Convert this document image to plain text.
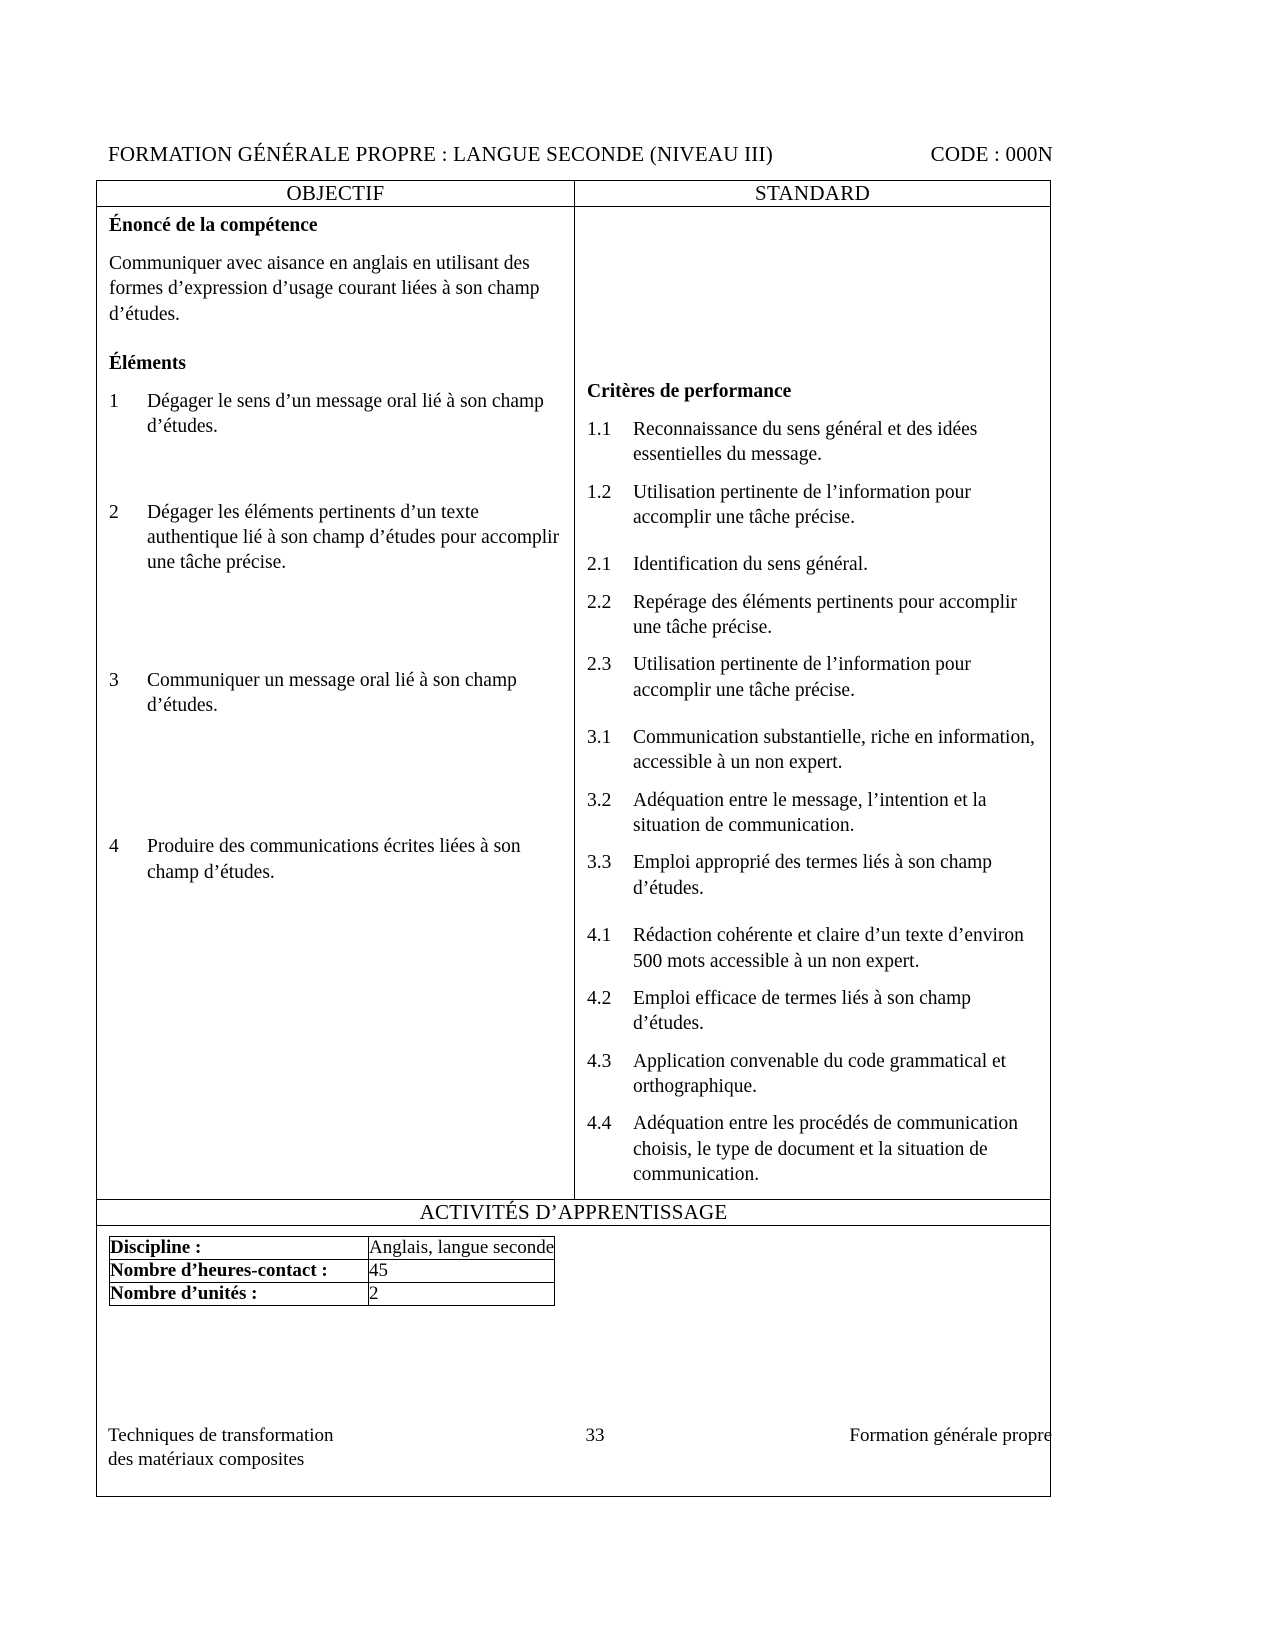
FORMATION GÉNÉRALE PROPRE : LANGUE SECONDE (NIVEAU III)	CODE : 000N
OBJECTIF	STANDARD

Énoncé de la compétence
Communiquer avec aisance en anglais en utilisant des formes d’expression d’usage courant liées à son champ d’études.
Éléments
1	Dégager le sens d’un message oral lié à son champ d’études.
2	Dégager les éléments pertinents d’un texte authentique lié à son champ d’études pour accomplir une tâche précise.
3	Communiquer un message oral lié à son champ d’études.
4	Produire des communications écrites liées à son champ d’études.

Critères de performance
1.1	Reconnaissance du sens général et des idées essentielles du message.
1.2	Utilisation pertinente de l’information pour accomplir une tâche précise.
2.1	Identification du sens général.
2.2	Repérage des éléments pertinents pour accomplir une tâche précise.
2.3	Utilisation pertinente de l’information pour accomplir une tâche précise.
3.1	Communication substantielle, riche en information, accessible à un non expert.
3.2	Adéquation entre le message, l’intention et la situation de communication.
3.3	Emploi approprié des termes liés à son champ d’études.
4.1	Rédaction cohérente et claire d’un texte d’environ 500 mots accessible à un non expert.
4.2	Emploi efficace de termes liés à son champ d’études.
4.3	Application convenable du code grammatical et orthographique.
4.4	Adéquation entre les procédés de communication choisis, le type de document et la situation de communication.

ACTIVITÉS D’APPRENTISSAGE

Discipline :	Anglais, langue seconde
Nombre d’heures-contact :	45
Nombre d’unités :	2
Techniques de transformation
des matériaux composites
33	Formation générale propre
